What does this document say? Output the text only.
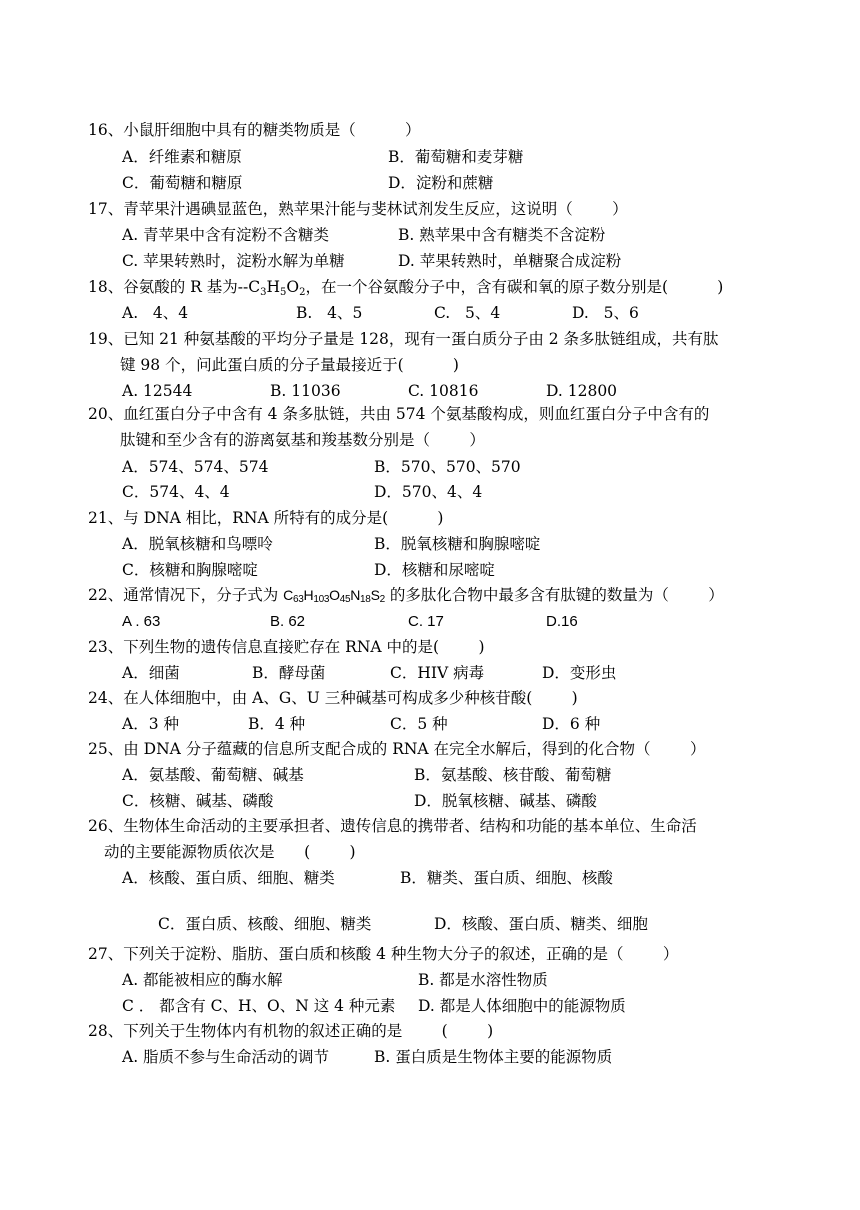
16、小鼠肝细胞中具有的糖类物质是（          ）
A．纤维素和糖原	B．葡萄糖和麦芽糖
C．葡萄糖和糖原	D．淀粉和蔗糖
17、青苹果汁遇碘显蓝色，熟苹果汁能与斐林试剂发生反应，这说明（        ）
A. 青苹果中含有淀粉不含糖类	B. 熟苹果中含有糖类不含淀粉
C. 苹果转熟时，淀粉水解为单糖	D. 苹果转熟时，单糖聚合成淀粉
18、谷氨酸的 R 基为$--C_3H_5O_2$，在一个谷氨酸分子中，含有碳和氧的原子数分别是(          )
A.   4、4	B.   4、5	C.   5、4	D.   5、6
19、已知 21 种氨基酸的平均分子量是 128，现有一蛋白质分子由 2 条多肽链组成，共有肽
键 98 个，问此蛋白质的分子量最接近于(          )
A. 12544	B. 11036	C. 10816	D. 12800
20、血红蛋白分子中含有 4 条多肽链，共由 574 个氨基酸构成，则血红蛋白分子中含有的
肽键和至少含有的游离氨基和羧基数分别是（        ）
A．574、574、574	B．570、570、570
C．574、4、4	D．570、4、4
21、与 DNA 相比，RNA 所特有的成分是(          )
A．脱氧核糖和鸟嘌呤	B．脱氧核糖和胸腺嘧啶
C．核糖和胸腺嘧啶	D．核糖和尿嘧啶
22、通常情况下，分子式为 $C_{63}H_{103}O_{45}N_{18}S_2$ 的多肽化合物中最多含有肽键的数量为（        ）
A . 63	B. 62	C. 17	D.16
23、下列生物的遗传信息直接贮存在 RNA 中的是(        )
A．细菌	B．酵母菌	C．HIV 病毒	D．变形虫
24、在人体细胞中，由 A、G、U 三种碱基可构成多少种核苷酸(        )
A．3 种	B．4 种	C．5 种	D．6 种
25、由 DNA 分子蕴藏的信息所支配合成的 RNA 在完全水解后，得到的化合物（        ）
A．氨基酸、葡萄糖、碱基	B．氨基酸、核苷酸、葡萄糖
C．核糖、碱基、磷酸	D．脱氧核糖、碱基、磷酸
26、生物体生命活动的主要承担者、遗传信息的携带者、结构和功能的基本单位、生命活
动的主要能源物质依次是      (        )
A．核酸、蛋白质、细胞、糖类	B．糖类、蛋白质、细胞、核酸
C．蛋白质、核酸、细胞、糖类	D．核酸、蛋白质、糖类、细胞
27、下列关于淀粉、脂肪、蛋白质和核酸 4 种生物大分子的叙述，正确的是（        ）
A. 都能被相应的酶水解	B. 都是水溶性物质
C ． 都含有 C、H、O、N 这 4 种元素 D. 都是人体细胞中的能源物质
28、下列关于生物体内有机物的叙述正确的是        (        )
A. 脂质不参与生命活动的调节	B. 蛋白质是生物体主要的能源物质
